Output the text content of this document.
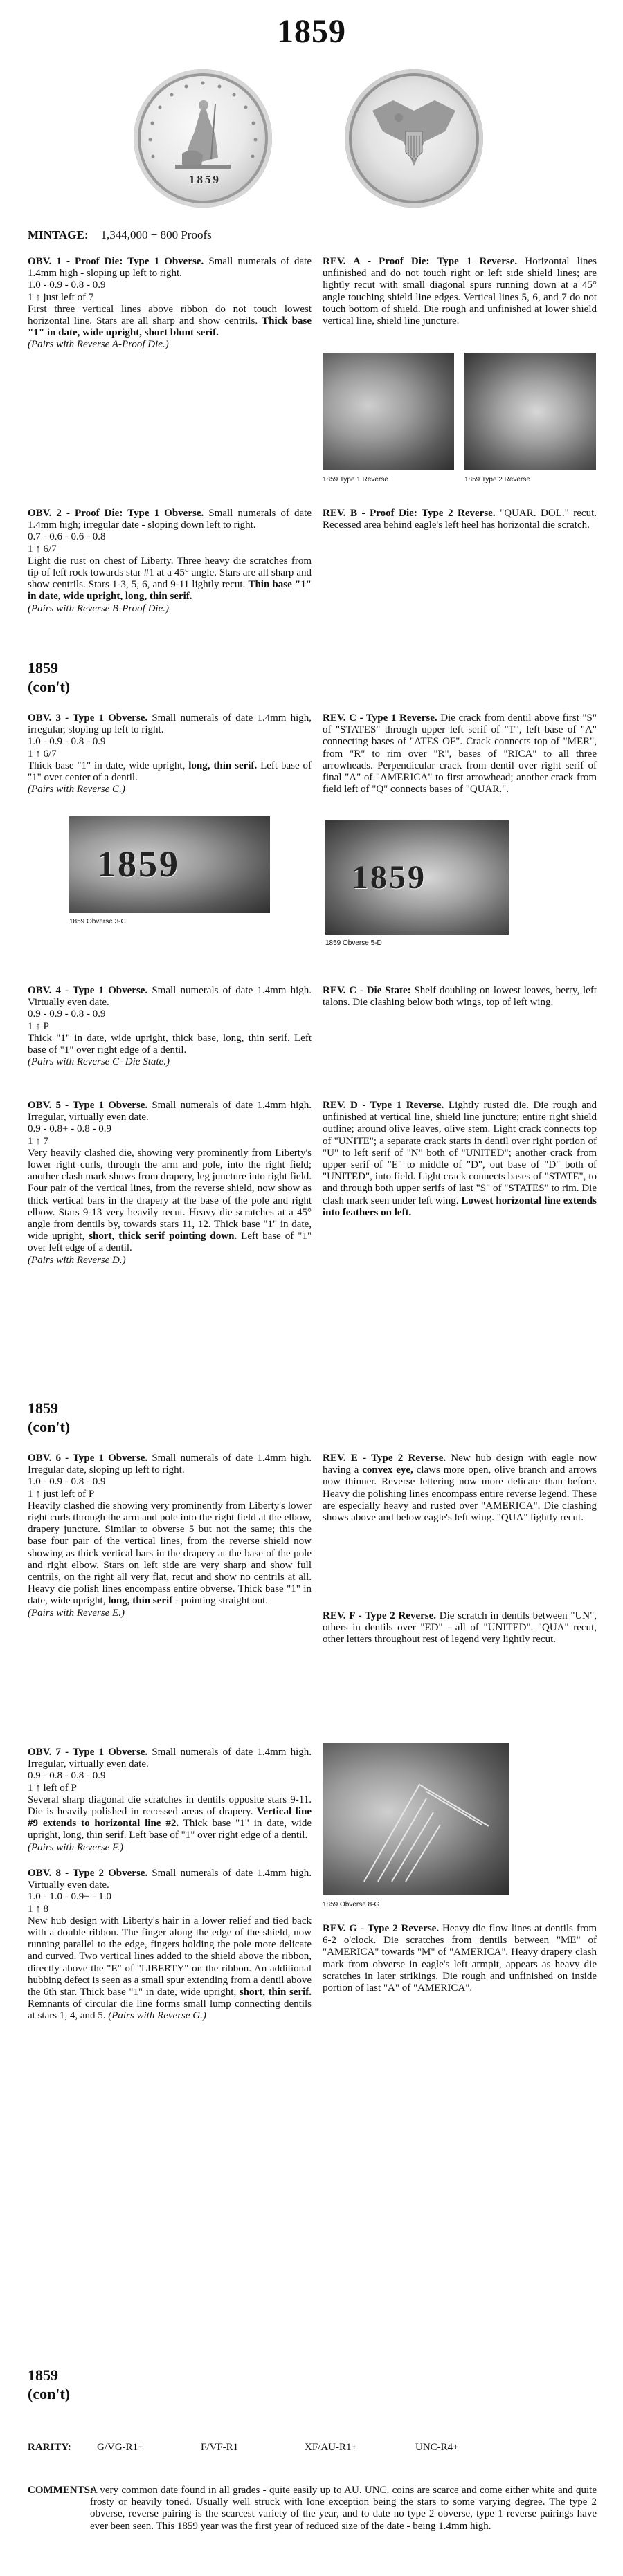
1859
1859
MINTAGE: 1,344,000 + 800 Proofs

OBV. 1 - Proof Die: Type 1 Obverse. Small numerals of date 1.4mm high - sloping up left to right.

1.0 - 0.9 - 0.8 - 0.9

1 ↑ just left of 7

First three vertical lines above ribbon do not touch lowest horizontal line. Stars are all sharp and show centrils. Thick base "1" in date, wide upright, short blunt serif.

(Pairs with Reverse A-Proof Die.)

REV. A - Proof Die: Type 1 Reverse. Horizontal lines unfinished and do not touch right or left side shield lines; are lightly recut with small diagonal spurs running down at a 45° angle touching shield line edges. Vertical lines 5, 6, and 7 do not touch bottom of shield. Die rough and unfinished at lower shield vertical line, shield line juncture.

1859 Type 1 Reverse	1859 Type 2 Reverse

OBV. 2 - Proof Die: Type 1 Obverse. Small numerals of date 1.4mm high; irregular date - sloping down left to right.

0.7 - 0.6 - 0.6 - 0.8

1 ↑ 6/7

Light die rust on chest of Liberty. Three heavy die scratches from tip of left rock towards star #1 at a 45° angle. Stars are all sharp and show centrils. Stars 1-3, 5, 6, and 9-11 lightly recut. Thin base "1" in date, wide upright, long, thin serif.

(Pairs with Reverse B-Proof Die.)

REV. B - Proof Die: Type 2 Reverse. "QUAR. DOL." recut. Recessed area behind eagle's left heel has horizontal die scratch.

1859
(con't)

OBV. 3 - Type 1 Obverse. Small numerals of date 1.4mm high, irregular, sloping up left to right.

1.0 - 0.9 - 0.8 - 0.9

1 ↑ 6/7

Thick base "1" in date, wide upright, long, thin serif. Left base of "1" over center of a dentil.

(Pairs with Reverse C.)

REV. C - Type 1 Reverse. Die crack from dentil above first "S" of "STATES" through upper left serif of "T", left base of "A" connecting bases of "ATES OF". Crack connects top of "MER", from "R" to rim over "R", bases of "RICA" to all three arrowheads. Perpendicular crack from dentil over right serif of final "A" of "AMERICA" to first arrowhead; another crack from field left of "Q" connects bases of "QUAR.".

1859
1859 Obverse 3-C
1859
1859 Obverse 5-D

OBV. 4 - Type 1 Obverse. Small numerals of date 1.4mm high. Virtually even date.

0.9 - 0.9 - 0.8 - 0.9

1 ↑ P

Thick "1" in date, wide upright, thick base, long, thin serif. Left base of "1" over right edge of a dentil.

(Pairs with Reverse C- Die State.)

REV. C - Die State: Shelf doubling on lowest leaves, berry, left talons. Die clashing below both wings, top of left wing.

OBV. 5 - Type 1 Obverse. Small numerals of date 1.4mm high. Irregular, virtually even date.

0.9 - 0.8+ - 0.8 - 0.9

1 ↑ 7

Very heavily clashed die, showing very prominently from Liberty's lower right curls, through the arm and pole, into the right field; another clash mark shows from drapery, leg juncture into right field. Four pair of the vertical lines, from the reverse shield, now show as thick vertical bars in the drapery at the base of the pole and right elbow. Stars 9-13 very heavily recut. Heavy die scratches at a 45° angle from dentils by, towards stars 11, 12. Thick base "1" in date, wide upright, short, thick serif pointing down. Left base of "1" over left edge of a dentil.

(Pairs with Reverse D.)

REV. D - Type 1 Reverse. Lightly rusted die. Die rough and unfinished at vertical line, shield line juncture; entire right shield outline; around olive leaves, olive stem. Light crack connects top of "UNITE"; a separate crack starts in dentil over right portion of "U" to left serif of "N" both of "UNITED"; another crack from upper serif of "E" to middle of "D", out base of "D" both of "UNITED", into field. Light crack connects bases of "STATE", to and through both upper serifs of last "S" of "STATES" to rim. Die clash mark seen under left wing. Lowest horizontal line extends into feathers on left.

1859
(con't)

OBV. 6 - Type 1 Obverse. Small numerals of date 1.4mm high. Irregular date, sloping up left to right.

1.0 - 0.9 - 0.8 - 0.9

1 ↑ just left of P

Heavily clashed die showing very prominently from Liberty's lower right curls through the arm and pole into the right field at the elbow, drapery juncture. Similar to obverse 5 but not the same; this the base four pair of the vertical lines, from the reverse shield now showing as thick vertical bars in the drapery at the base of the pole and right elbow. Stars on left side are very sharp and show full centrils, on the right all very flat, recut and show no centrils at all. Heavy die polish lines encompass entire obverse. Thick base "1" in date, wide upright, long, thin serif - pointing straight out.

(Pairs with Reverse E.)

REV. E - Type 2 Reverse. New hub design with eagle now having a convex eye, claws more open, olive branch and arrows now thinner. Reverse lettering now more delicate than before. Heavy die polishing lines encompass entire reverse legend. These are especially heavy and rusted over "AMERICA". Die clashing shows above and below eagle's left wing. "QUA" lightly recut.

REV. F - Type 2 Reverse. Die scratch in dentils between "UN", others in dentils over "ED" - all of "UNITED". "QUA" recut, other letters throughout rest of legend very lightly recut.

OBV. 7 - Type 1 Obverse. Small numerals of date 1.4mm high. Irregular, virtually even date.

0.9 - 0.8 - 0.8 - 0.9

1 ↑ left of P

Several sharp diagonal die scratches in dentils opposite stars 9-11. Die is heavily polished in recessed areas of drapery. Vertical line #9 extends to horizontal line #2. Thick base "1" in date, wide upright, long, thin serif. Left base of "1" over right edge of a dentil.

(Pairs with Reverse F.)

1859 Obverse 8-G

OBV. 8 - Type 2 Obverse. Small numerals of date 1.4mm high. Virtually even date.

1.0 - 1.0 - 0.9+ - 1.0

1 ↑ 8

New hub design with Liberty's hair in a lower relief and tied back with a double ribbon. The finger along the edge of the shield, now running parallel to the edge, fingers holding the pole more delicate and curved. Two vertical lines added to the shield above the ribbon, directly above the "E" of "LIBERTY" on the ribbon. An additional hubbing defect is seen as a small spur extending from a dentil above the 6th star. Thick base "1" in date, wide upright, short, thin serif. Remnants of circular die line forms small lump connecting dentils at stars 1, 4, and 5. (Pairs with Reverse G.)

REV. G - Type 2 Reverse. Heavy die flow lines at dentils from 6-2 o'clock. Die scratches from dentils between "ME" of "AMERICA" towards "M" of "AMERICA". Heavy drapery clash mark from obverse in eagle's left armpit, appears as heavy die scratches in later strikings. Die rough and unfinished on inside portion of last "A" of "AMERICA".

1859
(con't)
RARITY: G/VG-R1+	F/VF-R1	XF/AU-R1+	UNC-R4+
COMMENTS:
A very common date found in all grades - quite easily up to AU. UNC. coins are scarce and come either white and quite frosty or heavily toned. Usually well struck with lone exception being the stars to some varying degree. The type 2 obverse, reverse pairing is the scarcest variety of the year, and to date no type 2 obverse, type 1 reverse pairings have ever been seen. This 1859 year was the first year of reduced size of the date - being 1.4mm high.
